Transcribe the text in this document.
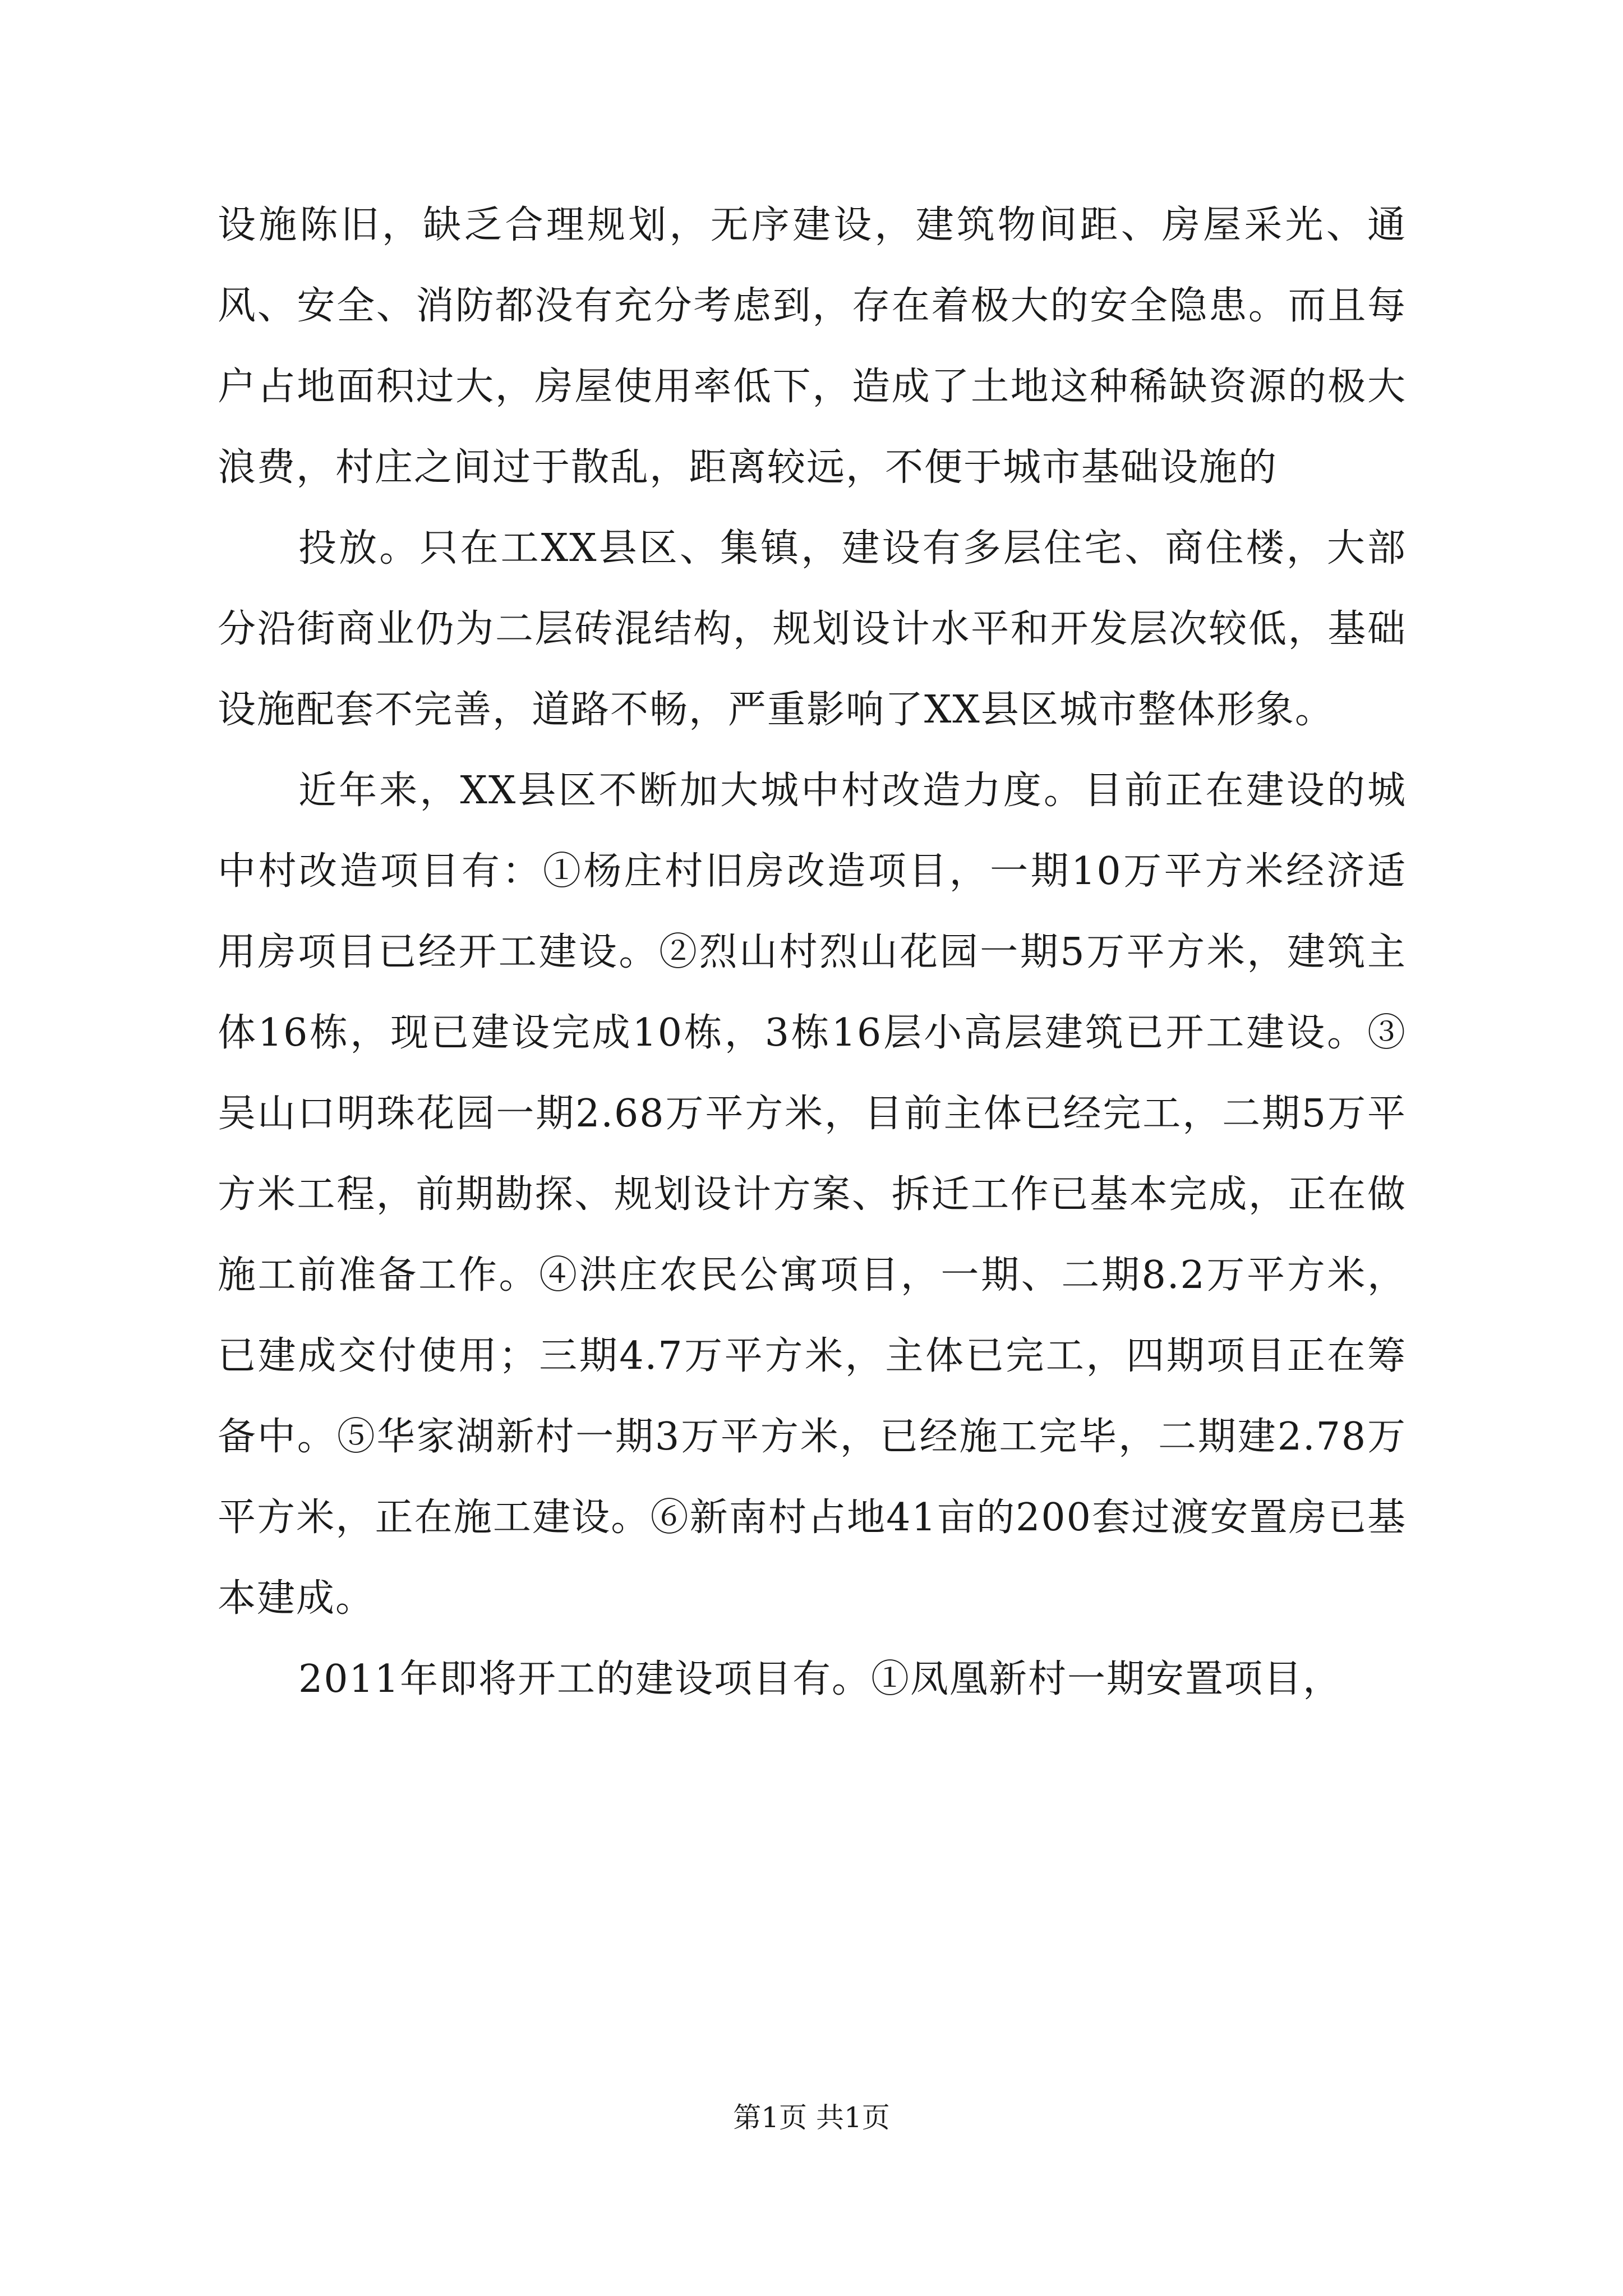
设施陈旧，缺乏合理规划，无序建设，建筑物间距、房屋采光、通风、安全、消防都没有充分考虑到，存在着极大的安全隐患。而且每户占地面积过大，房屋使用率低下，造成了土地这种稀缺资源的极大浪费，村庄之间过于散乱，距离较远，不便于城市基础设施的

投放。只在工XX县区、集镇，建设有多层住宅、商住楼，大部分沿街商业仍为二层砖混结构，规划设计水平和开发层次较低，基础设施配套不完善，道路不畅，严重影响了XX县区城市整体形象。

近年来，XX县区不断加大城中村改造力度。目前正在建设的城中村改造项目有：①杨庄村旧房改造项目，一期10万平方米经济适用房项目已经开工建设。②烈山村烈山花园一期5万平方米，建筑主体16栋，现已建设完成10栋，3栋16层小高层建筑已开工建设。③吴山口明珠花园一期2.68万平方米，目前主体已经完工，二期5万平方米工程，前期勘探、规划设计方案、拆迁工作已基本完成，正在做施工前准备工作。④洪庄农民公寓项目，一期、二期8.2万平方米，已建成交付使用；三期4.7万平方米，主体已完工，四期项目正在筹备中。⑤华家湖新村一期3万平方米，已经施工完毕，二期建2.78万平方米，正在施工建设。⑥新南村占地41亩的200套过渡安置房已基本建成。

2011年即将开工的建设项目有。①凤凰新村一期安置项目，

第1页 共1页
